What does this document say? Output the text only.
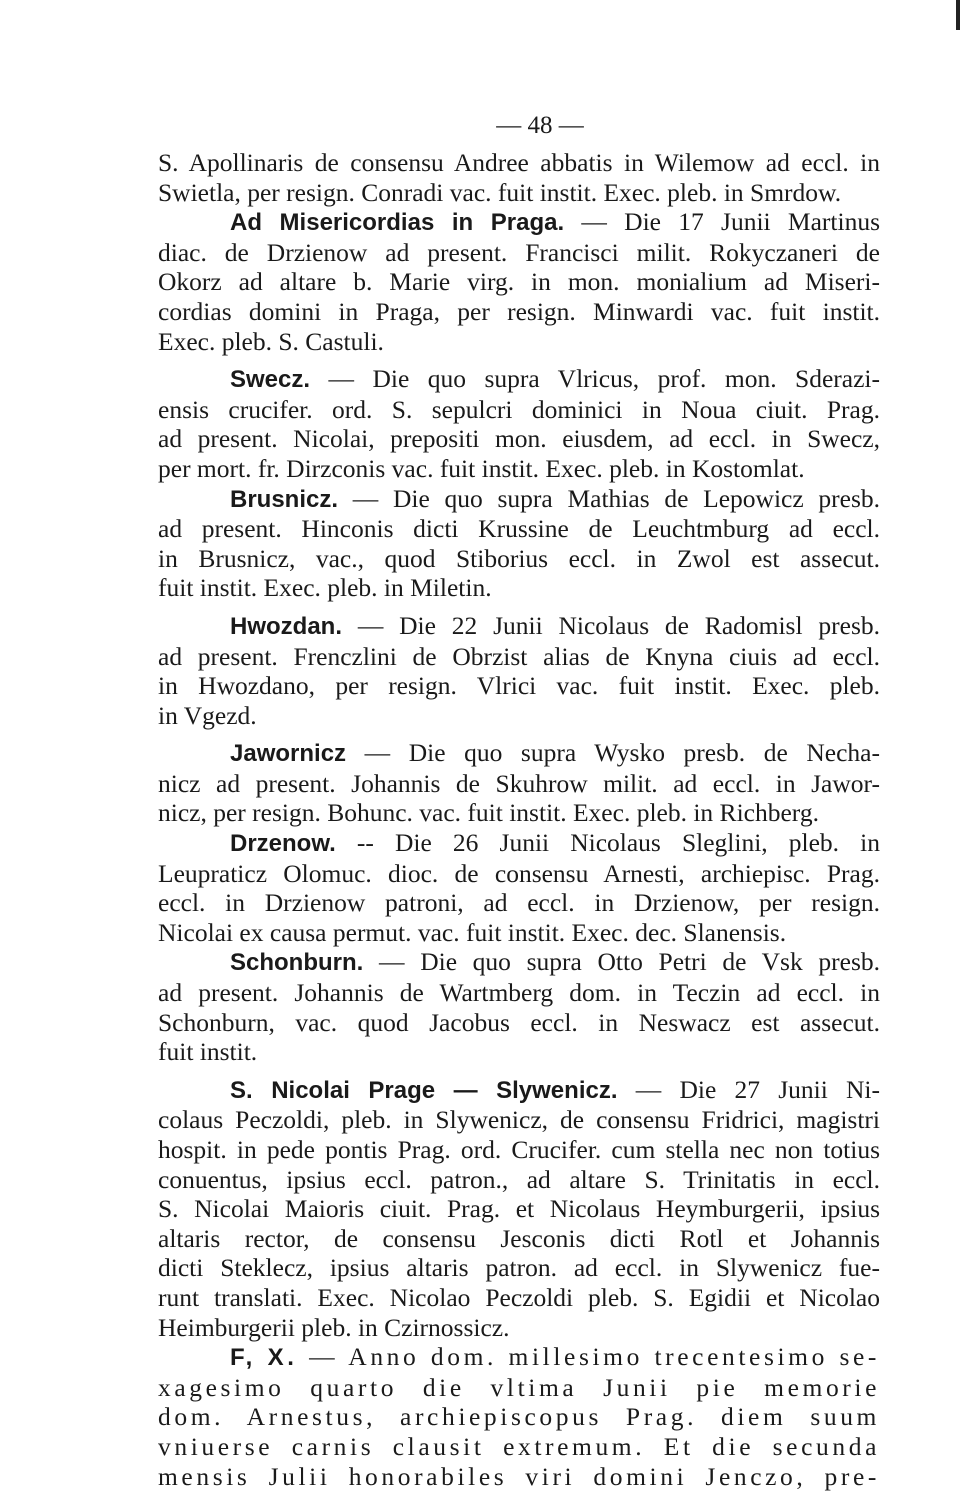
— 48 —

S. Apollinaris de consensu Andree abbatis in Wilemow ad eccl. in
Swietla, per resign. Conradi vac. fuit instit. Exec. pleb. in Smrdow.

Ad Misericordias in Praga. — Die 17 Junii Martinus
diac. de Drzienow ad present. Francisci milit. Rokyczaneri de
Okorz ad altare b. Marie virg. in mon. monialium ad Miseri-
cordias domini in Praga, per resign. Minwardi vac. fuit instit.
Exec. pleb. S. Castuli.

Swecz. — Die quo supra Vlricus, prof. mon. Sderazi-
ensis crucifer. ord. S. sepulcri dominici in Noua ciuit. Prag.
ad present. Nicolai, prepositi mon. eiusdem, ad eccl. in Swecz,
per mort. fr. Dirzconis vac. fuit instit. Exec. pleb. in Kostomlat.

Brusnicz. — Die quo supra Mathias de Lepowicz presb.
ad present. Hinconis dicti Krussine de Leuchtmburg ad eccl.
in Brusnicz, vac., quod Stiborius eccl. in Zwol est assecut.
fuit instit. Exec. pleb. in Miletin.

Hwozdan. — Die 22 Junii Nicolaus de Radomisl presb.
ad present. Frenczlini de Obrzist alias de Knyna ciuis ad eccl.
in Hwozdano, per resign. Vlrici vac. fuit instit. Exec. pleb.
in Vgezd.

Jawornicz — Die quo supra Wysko presb. de Necha-
nicz ad present. Johannis de Skuhrow milit. ad eccl. in Jawor-
nicz, per resign. Bohunc. vac. fuit instit. Exec. pleb. in Richberg.

Drzenow. -- Die 26 Junii Nicolaus Sleglini, pleb. in
Leupraticz Olomuc. dioc. de consensu Arnesti, archiepisc. Prag.
eccl. in Drzienow patroni, ad eccl. in Drzienow, per resign.
Nicolai ex causa permut. vac. fuit instit. Exec. dec. Slanensis.

Schonburn. — Die quo supra Otto Petri de Vsk presb.
ad present. Johannis de Wartmberg dom. in Teczin ad eccl. in
Schonburn, vac. quod Jacobus eccl. in Neswacz est assecut.
fuit instit.

S. Nicolai Prage — Slywenicz. — Die 27 Junii Ni-
colaus Peczoldi, pleb. in Slywenicz, de consensu Fridrici, magistri
hospit. in pede pontis Prag. ord. Crucifer. cum stella nec non totius
conuentus, ipsius eccl. patron., ad altare S. Trinitatis in eccl.
S. Nicolai Maioris ciuit. Prag. et Nicolaus Heymburgerii, ipsius
altaris rector, de consensu Jesconis dicti Rotl et Johannis
dicti Steklecz, ipsius altaris patron. ad eccl. in Slywenicz fue-
runt translati. Exec. Nicolao Peczoldi pleb. S. Egidii et Nicolao
Heimburgerii pleb. in Czirnossicz.

F, X. — Anno dom. millesimo trecentesimo se-
xagesimo quarto die vltima Junii pie memorie
dom. Arnestus, archiepiscopus Prag. diem suum
vniuerse carnis clausit extremum. Et die secunda
mensis Julii honorabiles viri domini Jenczo, pre-
